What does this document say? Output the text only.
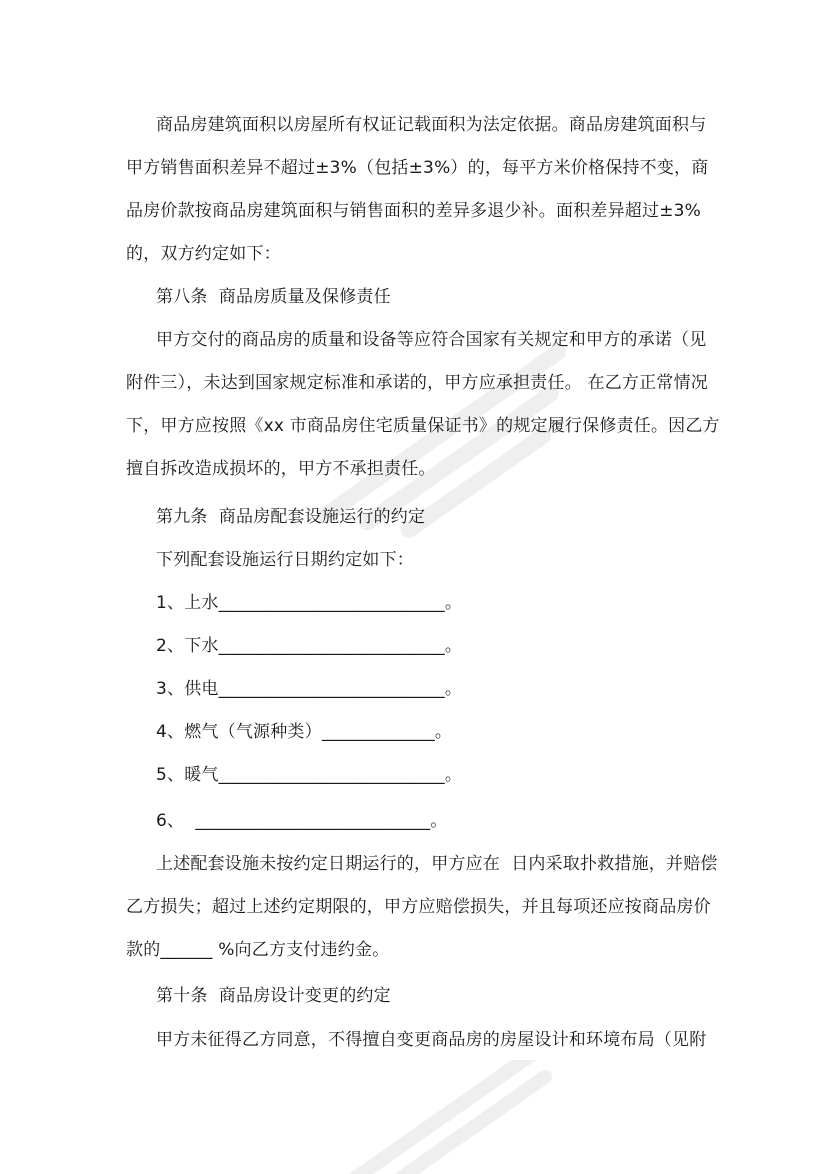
商品房建筑面积以房屋所有权证记载面积为法定依据。商品房建筑面积与
甲方销售面积差异不超过±3%（包括±3%）的，每平方米价格保持不变，商
品房价款按商品房建筑面积与销售面积的差异多退少补。面积差异超过±3%
的，双方约定如下：
第八条  商品房质量及保修责任
甲方交付的商品房的质量和设备等应符合国家有关规定和甲方的承诺（见
附件三），未达到国家规定标准和承诺的，甲方应承担责任。 在乙方正常情况
下，甲方应按照《xx 市商品房住宅质量保证书》的规定履行保修责任。因乙方
擅自拆改造成损坏的，甲方不承担责任。
第九条  商品房配套设施运行的约定
下列配套设施运行日期约定如下：
1、上水__________________________。
2、下水__________________________。
3、供电__________________________。
4、燃气（气源种类）_____________。
5、暖气__________________________。
6、  ___________________________。
上述配套设施未按约定日期运行的，甲方应在  日内采取扑救措施，并赔偿
乙方损失；超过上述约定期限的，甲方应赔偿损失，并且每项还应按商品房价
款的______ %向乙方支付违约金。
第十条  商品房设计变更的约定
甲方未征得乙方同意，不得擅自变更商品房的房屋设计和环境布局（见附
